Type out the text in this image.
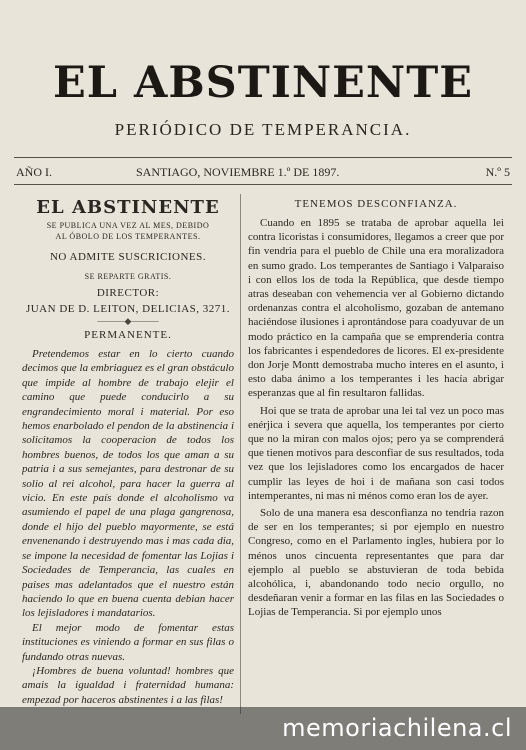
EL ABSTINENTE
PERIÓDICO DE TEMPERANCIA.
AÑO I.	SANTIAGO, NOVIEMBRE 1.º DE 1897.	N.º 5
EL ABSTINENTE
SE PUBLICA UNA VEZ AL MES, DEBIDO
AL ÓBOLO DE LOS TEMPERANTES.
NO ADMITE SUSCRICIONES.
SE REPARTE GRATIS.
DIRECTOR:
JUAN DE D. LEITON, DELICIAS, 3271.
———◆———
PERMANENTE.

Pretendemos estar en lo cierto cuando decimos que la embriaguez es el gran obstáculo que impide al hombre de trabajo elejir el camino que puede conducirlo a su engrandecimiento moral i material. Por eso hemos enarbolado el pendon de la abstinencia i solicitamos la cooperacion de todos los hombres buenos, de todos los que aman a su patria i a sus semejantes, para destronar de su solio al rei alcohol, para hacer la guerra al vicio. En este país donde el alcoholismo va asumiendo el papel de una plaga gangrenosa, donde el hijo del pueblo mayormente, se está envenenando i destruyendo mas i mas cada dia, se impone la necesidad de fomentar las Lojias i Sociedades de Temperancia, las cuales en paises mas adelantados que el nuestro están haciendo lo que en buena cuenta debian hacer los lejisladores i mandatarios.

El mejor modo de fomentar estas instituciones es viniendo a formar en sus filas o fundando otras nuevas.

¡Hombres de buena voluntad! hombres que amais la igualdad i fraternidad humana: empezad por haceros abstinentes i a las filas!

TENEMOS DESCONFIANZA.

Cuando en 1895 se trataba de aprobar aquella lei contra licoristas i consumidores, llegamos a creer que por fin vendria para el pueblo de Chile una era moralizadora en sumo grado. Los temperantes de Santiago i Valparaiso i con ellos los de toda la República, que desde tiempo atras deseaban con vehemencia ver al Gobierno dictando ordenanzas contra el alcoholismo, gozaban de antemano haciéndose ilusiones i aprontándose para coadyuvar de un modo práctico en la campaña que se emprenderia contra los fabricantes i espendedores de licores. El ex-presidente don Jorje Montt demostraba mucho interes en el asunto, i esto daba ánimo a los temperantes i les hacía abrigar esperanzas que al fin resultaron fallidas.

Hoi que se trata de aprobar una lei tal vez un poco mas enérjica i severa que aquella, los temperantes por cierto que no la miran con malos ojos; pero ya se comprenderá que tienen motivos para desconfiar de sus resultados, toda vez que los lejisladores como los encargados de hacer cumplir las leyes de hoi i de mañana son casi todos intemperantes, ni mas ni ménos como eran los de ayer.

Solo de una manera esa desconfianza no tendria razon de ser en los temperantes; si por ejemplo en nuestro Congreso, como en el Parlamento ingles, hubiera por lo ménos unos cincuenta representantes que para dar ejemplo al pueblo se abstuvieran de toda bebida alcohólica, i, abandonando todo necio orgullo, no desdeñaran venir a formar en las filas en las Sociedades o Lojias de Temperancia. Si por ejemplo unos

memoriachilena.cl
